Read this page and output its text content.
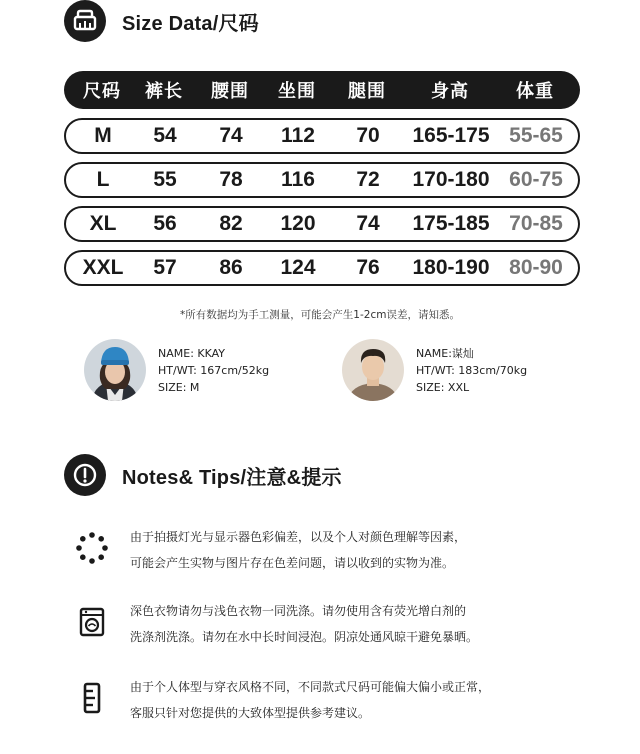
Size Data/尺码
尺码 裤长 腰围 坐围 腿围	身高	体重
M 54 74 112 70 165-175 55-65
L 55 78 116 72 170-180 60-75
XL 56 82 120 74 175-185 70-85
XXL 57 86 124 76 180-190 80-90
*所有数据均为手工测量，可能会产生1-2cm误差，请知悉。
NAME: KKAY
HT/WT: 167cm/52kg
SIZE: M
NAME:谋灿
HT/WT: 183cm/70kg
SIZE: XXL
Notes& Tips/注意&提示
由于拍摄灯光与显示器色彩偏差，以及个人对颜色理解等因素，
可能会产生实物与图片存在色差问题，请以收到的实物为准。
深色衣物请勿与浅色衣物一同洗涤。请勿使用含有荧光增白剂的
洗涤剂洗涤。请勿在水中长时间浸泡。阴凉处通风晾干避免暴晒。
由于个人体型与穿衣风格不同，不同款式尺码可能偏大偏小或正常，
客服只针对您提供的大致体型提供参考建议。
